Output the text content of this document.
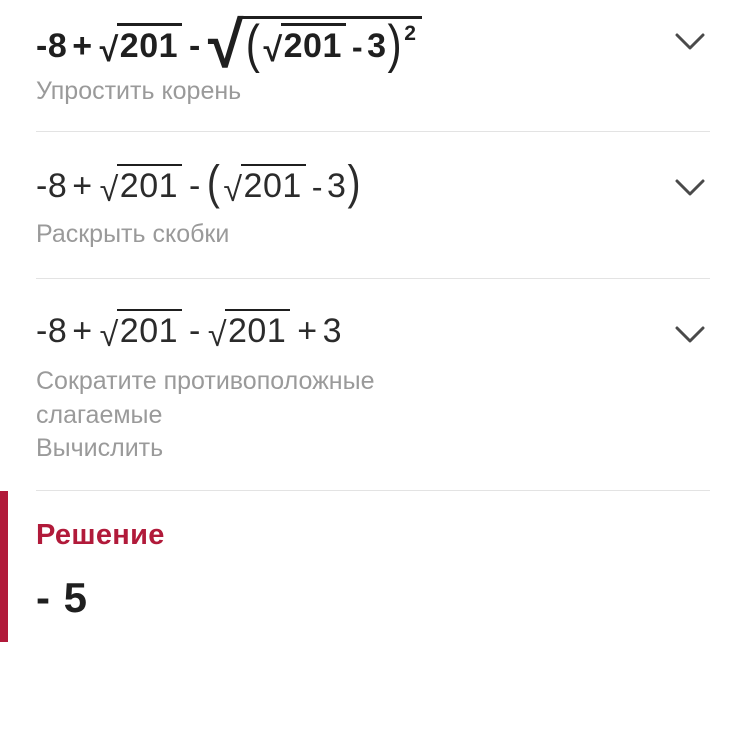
- 8 + √ 201 - √ ( √ 201 - 3 ) 2
Упростить корень
- 8 + √ 201 - ( √ 201 - 3 )
Раскрыть скобки
- 8 + √ 201 - √ 201 + 3
Сократите противоположные
слагаемые
Вычислить
Решение
- 5
